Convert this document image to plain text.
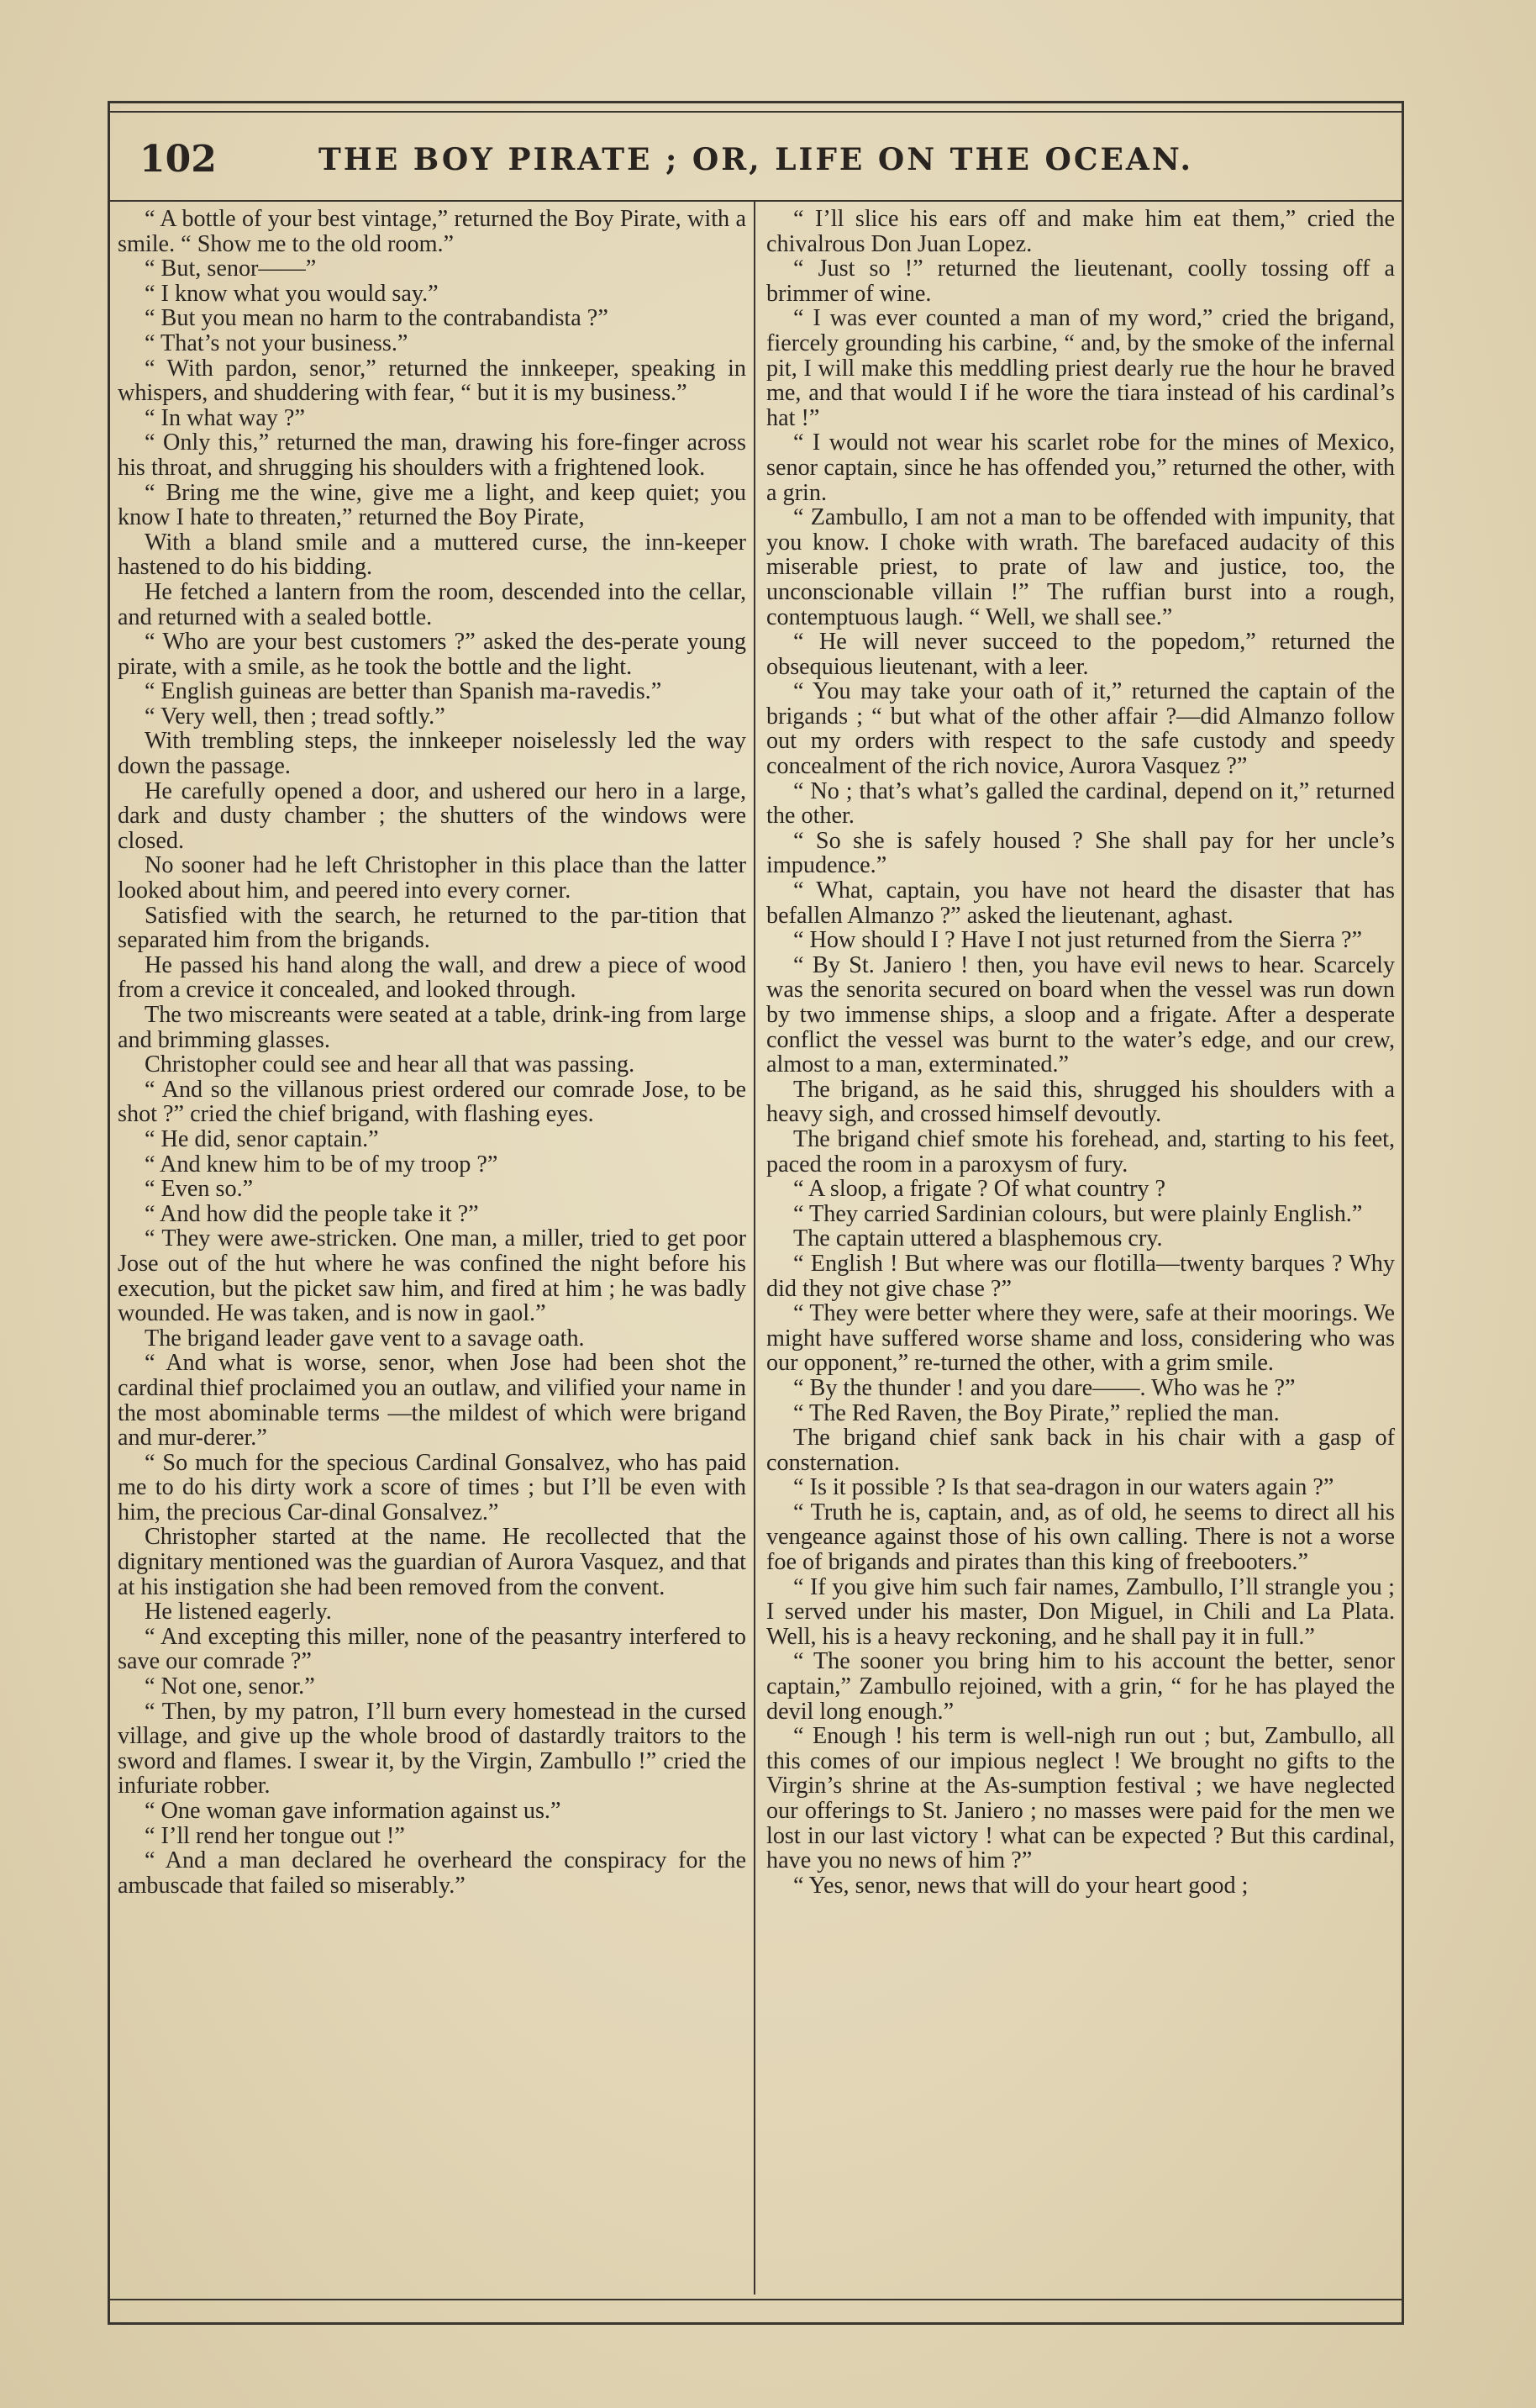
THE BOY PIRATE ; OR, LIFE ON THE OCEAN.
102

“ A bottle of your best vintage,” returned the Boy Pirate, with a smile. “ Show me to the old room.”

“ But, senor——”

“ I know what you would say.”

“ But you mean no harm to the contrabandista ?”

“ That’s not your business.”

“ With pardon, senor,” returned the innkeeper, speaking in whispers, and shuddering with fear, “ but it is my business.”

“ In what way ?”

“ Only this,” returned the man, drawing his fore-finger across his throat, and shrugging his shoulders with a frightened look.

“ Bring me the wine, give me a light, and keep quiet; you know I hate to threaten,” returned the Boy Pirate,

With a bland smile and a muttered curse, the inn-keeper hastened to do his bidding.

He fetched a lantern from the room, descended into the cellar, and returned with a sealed bottle.

“ Who are your best customers ?” asked the des-perate young pirate, with a smile, as he took the bottle and the light.

“ English guineas are better than Spanish ma-ravedis.”

“ Very well, then ; tread softly.”

With trembling steps, the innkeeper noiselessly led the way down the passage.

He carefully opened a door, and ushered our hero in a large, dark and dusty chamber ; the shutters of the windows were closed.

No sooner had he left Christopher in this place than the latter looked about him, and peered into every corner.

Satisfied with the search, he returned to the par-tition that separated him from the brigands.

He passed his hand along the wall, and drew a piece of wood from a crevice it concealed, and looked through.

The two miscreants were seated at a table, drink-ing from large and brimming glasses.

Christopher could see and hear all that was passing.

“ And so the villanous priest ordered our comrade Jose, to be shot ?” cried the chief brigand, with flashing eyes.

“ He did, senor captain.”

“ And knew him to be of my troop ?”

“ Even so.”

“ And how did the people take it ?”

“ They were awe-stricken. One man, a miller, tried to get poor Jose out of the hut where he was confined the night before his execution, but the picket saw him, and fired at him ; he was badly wounded. He was taken, and is now in gaol.”

The brigand leader gave vent to a savage oath.

“ And what is worse, senor, when Jose had been shot the cardinal thief proclaimed you an outlaw, and vilified your name in the most abominable terms —the mildest of which were brigand and mur-derer.”

“ So much for the specious Cardinal Gonsalvez, who has paid me to do his dirty work a score of times ; but I’ll be even with him, the precious Car-dinal Gonsalvez.”

Christopher started at the name. He recollected that the dignitary mentioned was the guardian of Aurora Vasquez, and that at his instigation she had been removed from the convent.

He listened eagerly.

“ And excepting this miller, none of the peasantry interfered to save our comrade ?”

“ Not one, senor.”

“ Then, by my patron, I’ll burn every homestead in the cursed village, and give up the whole brood of dastardly traitors to the sword and flames. I swear it, by the Virgin, Zambullo !” cried the infuriate robber.

“ One woman gave information against us.”

“ I’ll rend her tongue out !”

“ And a man declared he overheard the conspiracy for the ambuscade that failed so miserably.”

“ I’ll slice his ears off and make him eat them,” cried the chivalrous Don Juan Lopez.

“ Just so !” returned the lieutenant, coolly tossing off a brimmer of wine.

“ I was ever counted a man of my word,” cried the brigand, fiercely grounding his carbine, “ and, by the smoke of the infernal pit, I will make this meddling priest dearly rue the hour he braved me, and that would I if he wore the tiara instead of his cardinal’s hat !”

“ I would not wear his scarlet robe for the mines of Mexico, senor captain, since he has offended you,” returned the other, with a grin.

“ Zambullo, I am not a man to be offended with impunity, that you know. I choke with wrath. The barefaced audacity of this miserable priest, to prate of law and justice, too, the unconscionable villain !” The ruffian burst into a rough, contemptuous laugh. “ Well, we shall see.”

“ He will never succeed to the popedom,” returned the obsequious lieutenant, with a leer.

“ You may take your oath of it,” returned the captain of the brigands ; “ but what of the other affair ?—did Almanzo follow out my orders with respect to the safe custody and speedy concealment of the rich novice, Aurora Vasquez ?”

“ No ; that’s what’s galled the cardinal, depend on it,” returned the other.

“ So she is safely housed ? She shall pay for her uncle’s impudence.”

“ What, captain, you have not heard the disaster that has befallen Almanzo ?” asked the lieutenant, aghast.

“ How should I ? Have I not just returned from the Sierra ?”

“ By St. Janiero ! then, you have evil news to hear. Scarcely was the senorita secured on board when the vessel was run down by two immense ships, a sloop and a frigate. After a desperate conflict the vessel was burnt to the water’s edge, and our crew, almost to a man, exterminated.”

The brigand, as he said this, shrugged his shoulders with a heavy sigh, and crossed himself devoutly.

The brigand chief smote his forehead, and, starting to his feet, paced the room in a paroxysm of fury.

“ A sloop, a frigate ? Of what country ?

“ They carried Sardinian colours, but were plainly English.”

The captain uttered a blasphemous cry.

“ English ! But where was our flotilla—twenty barques ? Why did they not give chase ?”

“ They were better where they were, safe at their moorings. We might have suffered worse shame and loss, considering who was our opponent,” re-turned the other, with a grim smile.

“ By the thunder ! and you dare——. Who was he ?”

“ The Red Raven, the Boy Pirate,” replied the man.

The brigand chief sank back in his chair with a gasp of consternation.

“ Is it possible ? Is that sea-dragon in our waters again ?”

“ Truth he is, captain, and, as of old, he seems to direct all his vengeance against those of his own calling. There is not a worse foe of brigands and pirates than this king of freebooters.”

“ If you give him such fair names, Zambullo, I’ll strangle you ; I served under his master, Don Miguel, in Chili and La Plata. Well, his is a heavy reckoning, and he shall pay it in full.”

“ The sooner you bring him to his account the better, senor captain,” Zambullo rejoined, with a grin, “ for he has played the devil long enough.”

“ Enough ! his term is well-nigh run out ; but, Zambullo, all this comes of our impious neglect ! We brought no gifts to the Virgin’s shrine at the As-sumption festival ; we have neglected our offerings to St. Janiero ; no masses were paid for the men we lost in our last victory ! what can be expected ? But this cardinal, have you no news of him ?”

“ Yes, senor, news that will do your heart good ;
